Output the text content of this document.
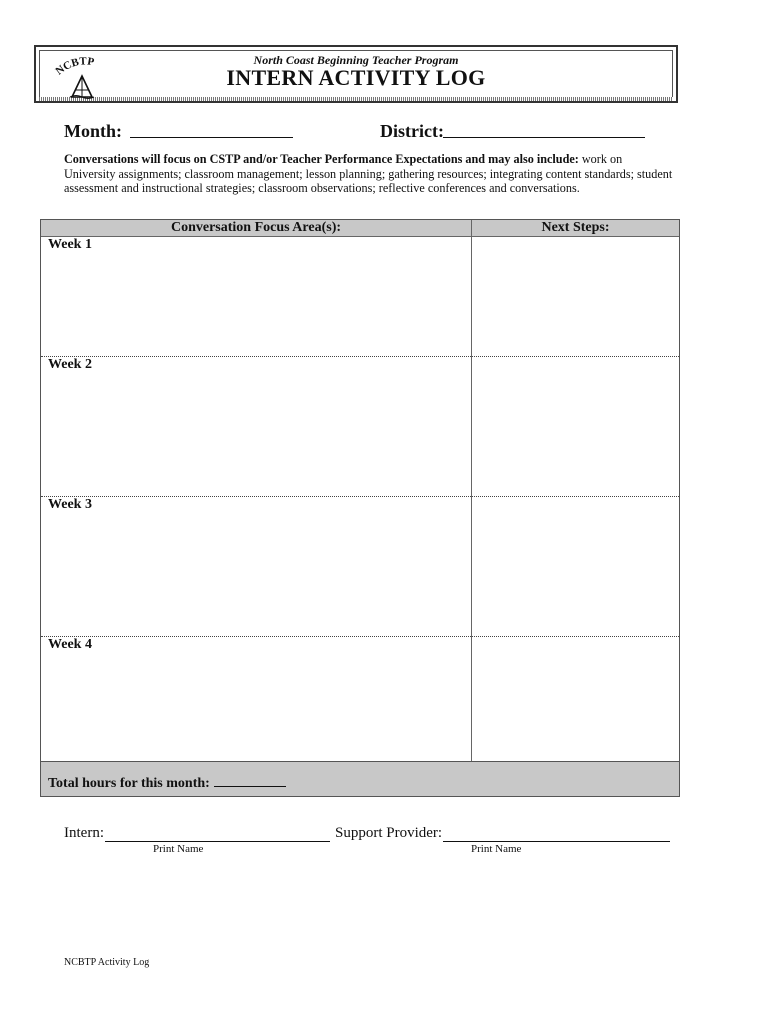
NCBTP	North Coast Beginning Teacher Program
INTERN ACTIVITY LOG
Month:	District:
Conversations will focus on CSTP and/or Teacher Performance Expectations and may also include: work on University assignments; classroom management; lesson planning; gathering resources; integrating content standards; student assessment and instructional strategies; classroom observations; reflective conferences and conversations.
Conversation Focus Area(s):	Next Steps:
Week 1
Week 2
Week 3
Week 4
Total hours for this month:
Intern:	Support Provider:
Print Name	Print Name
NCBTP Activity Log
